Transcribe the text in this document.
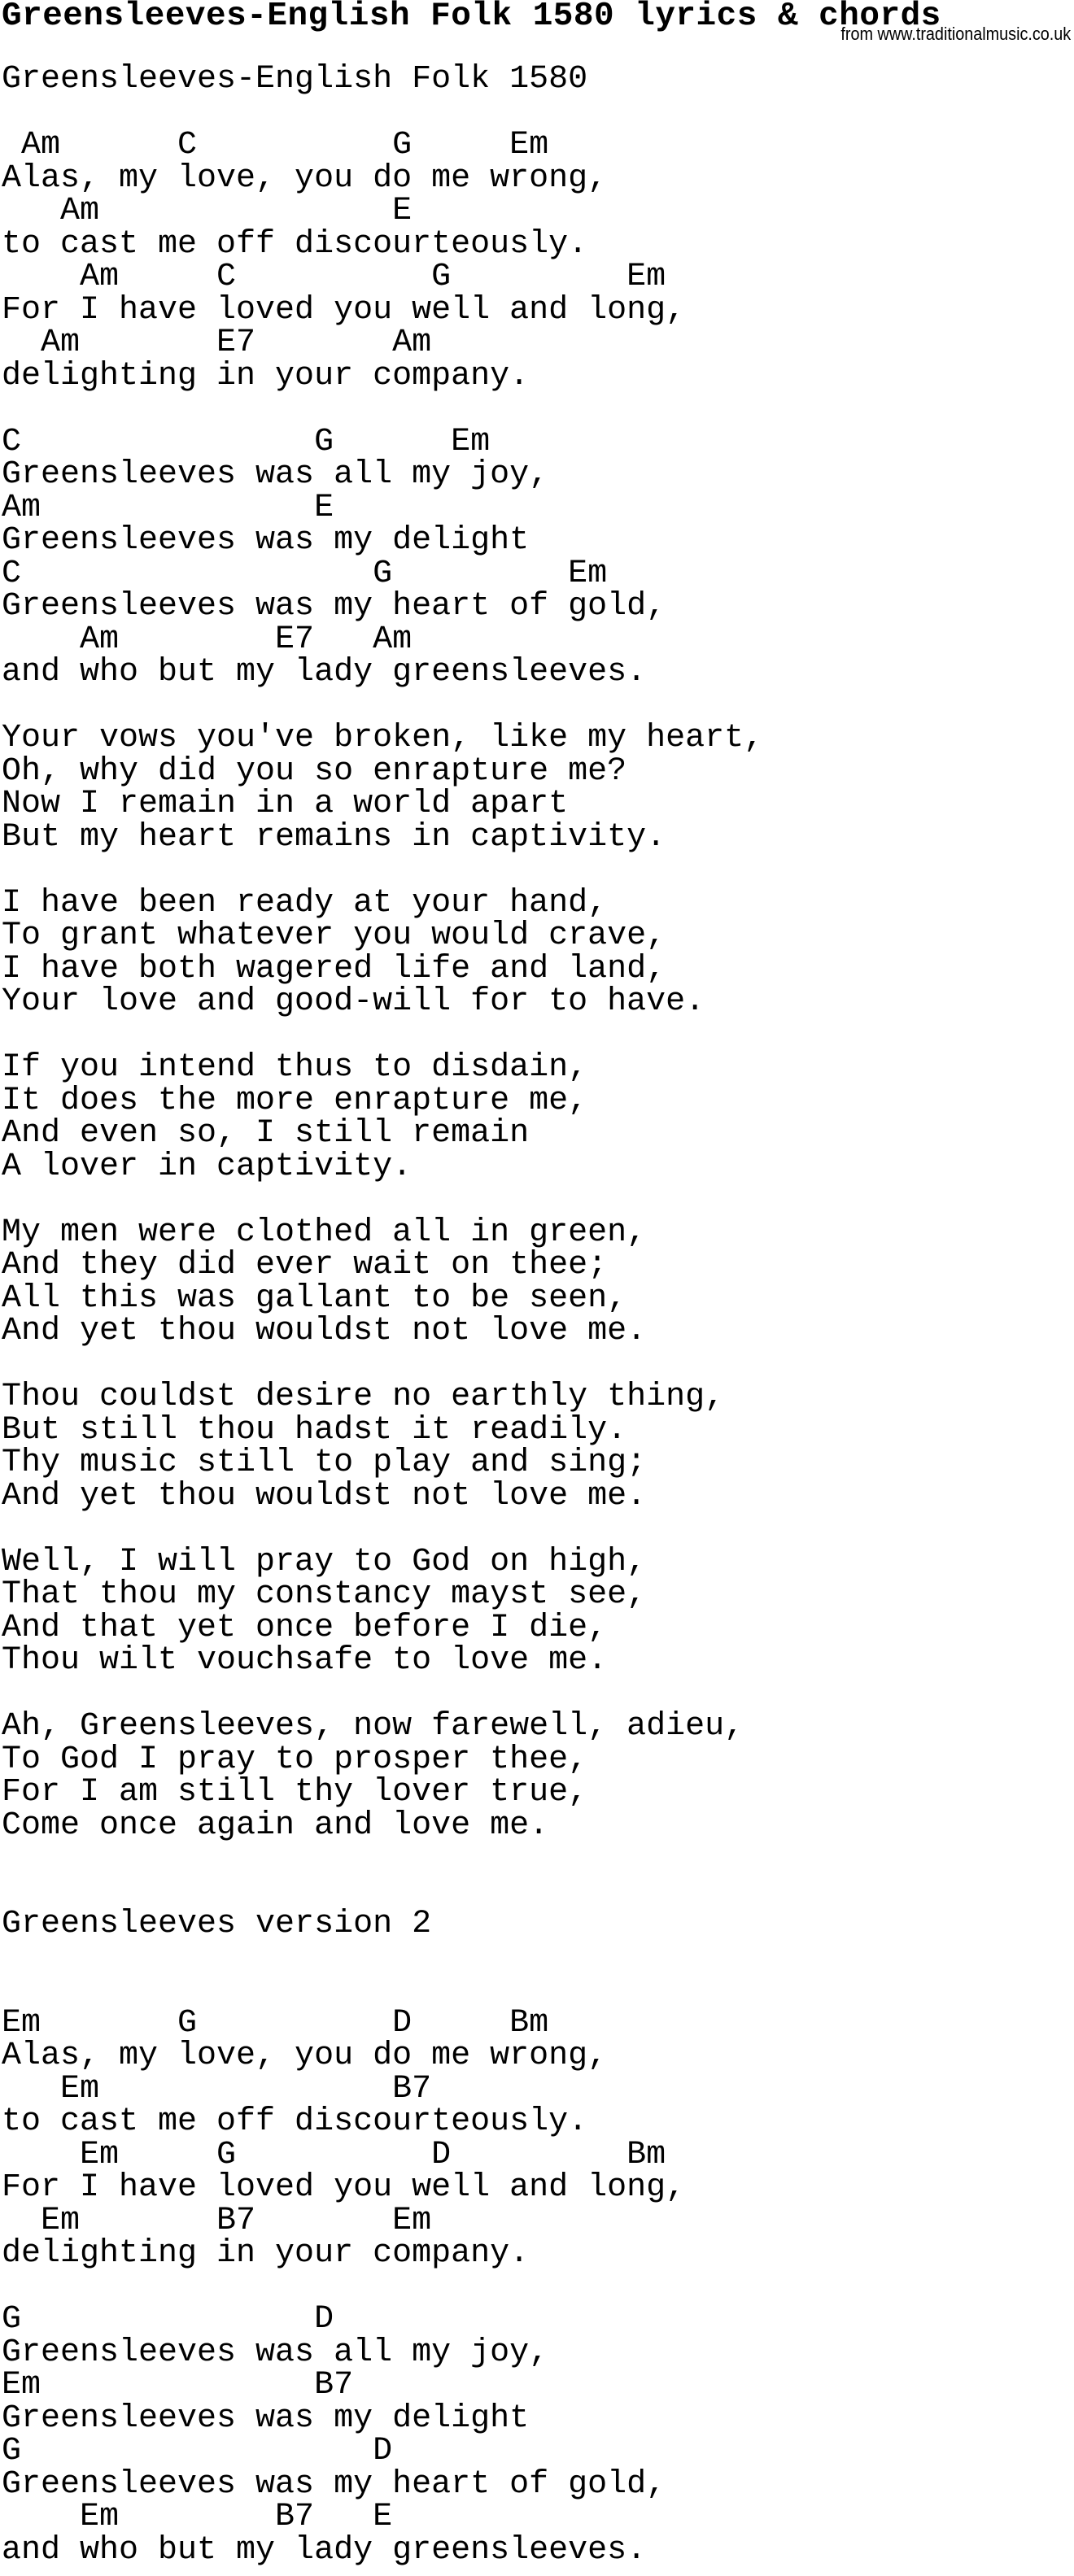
Greensleeves-English Folk 1580 lyrics & chords
from www.traditionalmusic.co.uk
Greensleeves-English Folk 1580
Am      C          G     Em
Alas, my love, you do me wrong,
Am               E
to cast me off discourteously.
Am     C          G         Em
For I have loved you well and long,
Am       E7       Am
delighting in your company.
C               G      Em
Greensleeves was all my joy,
Am              E
Greensleeves was my delight
C                  G         Em
Greensleeves was my heart of gold,
Am        E7   Am
and who but my lady greensleeves.
Your vows you've broken, like my heart,
Oh, why did you so enrapture me?
Now I remain in a world apart
But my heart remains in captivity.
I have been ready at your hand,
To grant whatever you would crave,
I have both wagered life and land,
Your love and good-will for to have.
If you intend thus to disdain,
It does the more enrapture me,
And even so, I still remain
A lover in captivity.
My men were clothed all in green,
And they did ever wait on thee;
All this was gallant to be seen,
And yet thou wouldst not love me.
Thou couldst desire no earthly thing,
But still thou hadst it readily.
Thy music still to play and sing;
And yet thou wouldst not love me.
Well, I will pray to God on high,
That thou my constancy mayst see,
And that yet once before I die,
Thou wilt vouchsafe to love me.
Ah, Greensleeves, now farewell, adieu,
To God I pray to prosper thee,
For I am still thy lover true,
Come once again and love me.
Greensleeves version 2
Em       G          D     Bm
Alas, my love, you do me wrong,
Em               B7
to cast me off discourteously.
Em     G          D         Bm
For I have loved you well and long,
Em       B7       Em
delighting in your company.
G               D
Greensleeves was all my joy,
Em              B7
Greensleeves was my delight
G                  D
Greensleeves was my heart of gold,
Em        B7   E
and who but my lady greensleeves.
